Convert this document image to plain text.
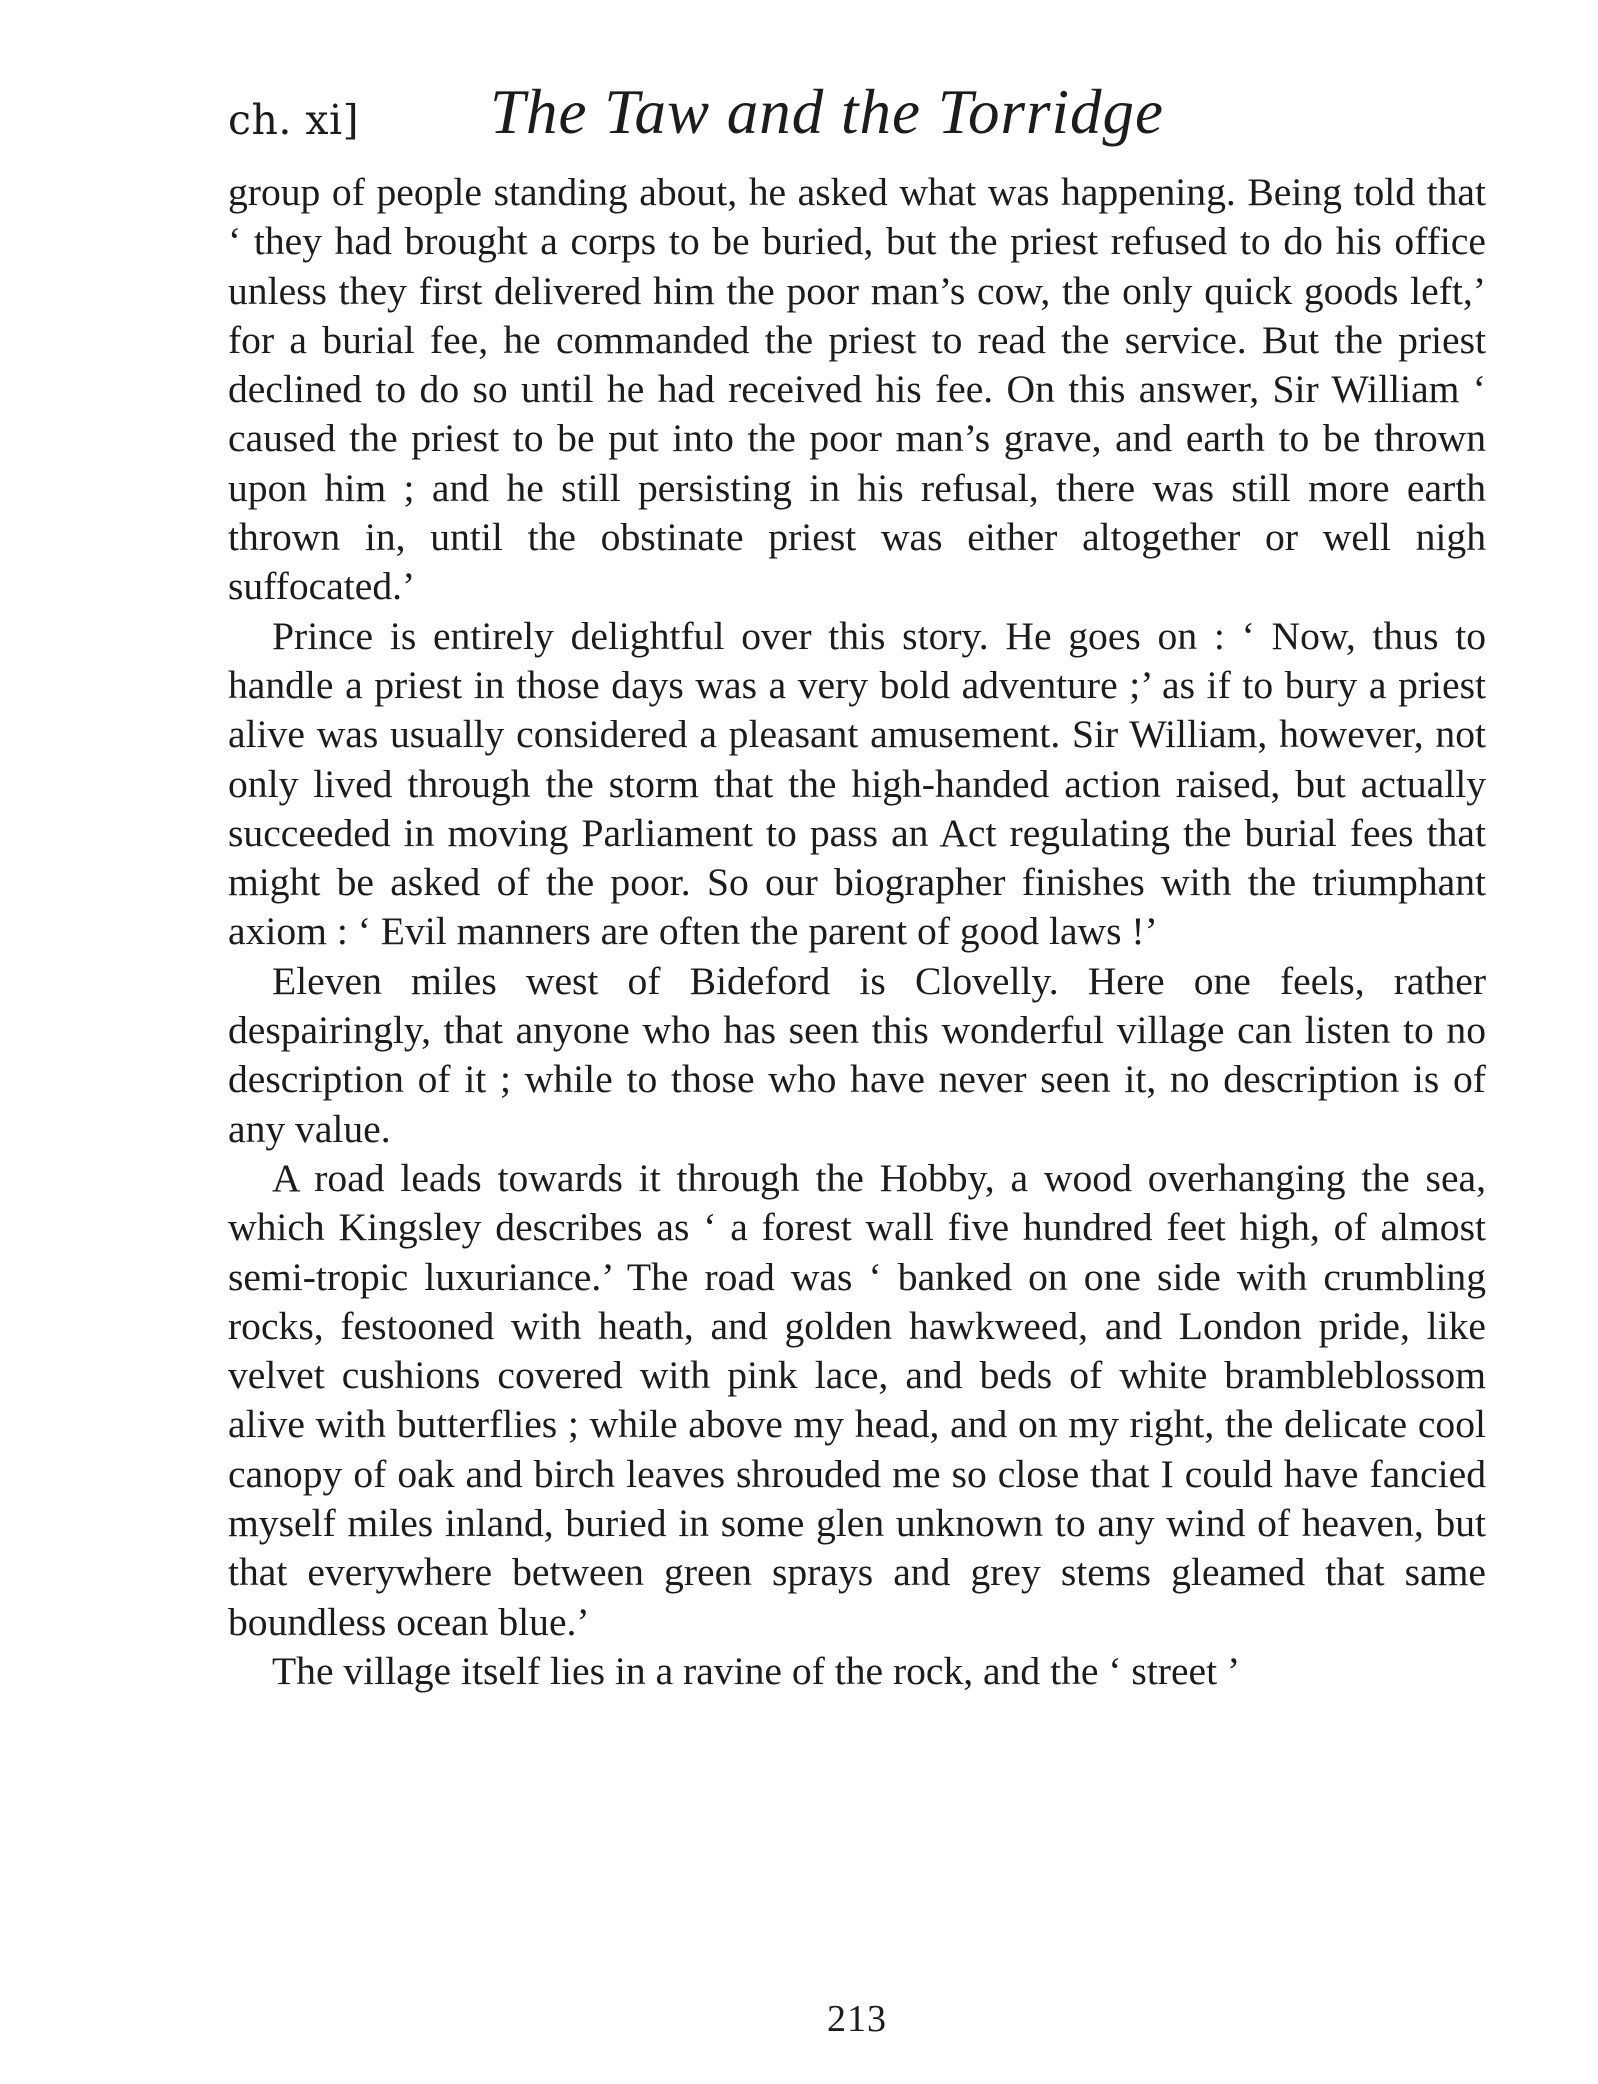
ch. xi] The Taw and the Torridge

group of people standing about, he asked what was happening. Being told that ‘ they had brought a corps to be buried, but the priest refused to do his office unless they first delivered him the poor man’s cow, the only quick goods left,’ for a burial fee, he commanded the priest to read the service. But the priest declined to do so until he had received his fee. On this answer, Sir William ‘ caused the priest to be put into the poor man’s grave, and earth to be thrown upon him ; and he still persisting in his refusal, there was still more earth thrown in, until the obstinate priest was either altogether or well nigh suffocated.’

Prince is entirely delightful over this story. He goes on : ‘ Now, thus to handle a priest in those days was a very bold adventure ;’ as if to bury a priest alive was usually considered a pleasant amusement. Sir William, however, not only lived through the storm that the high-handed action raised, but actually succeeded in moving Parliament to pass an Act regulating the burial fees that might be asked of the poor. So our biographer finishes with the triumphant axiom : ‘ Evil manners are often the parent of good laws !’

Eleven miles west of Bideford is Clovelly. Here one feels, rather despairingly, that anyone who has seen this wonderful village can listen to no description of it ; while to those who have never seen it, no description is of any value.

A road leads towards it through the Hobby, a wood overhanging the sea, which Kingsley describes as ‘ a forest wall five hundred feet high, of almost semi-tropic luxuriance.’ The road was ‘ banked on one side with crumbling rocks, festooned with heath, and golden hawkweed, and London pride, like velvet cushions covered with pink lace, and beds of white brambleblossom alive with butterflies ; while above my head, and on my right, the delicate cool canopy of oak and birch leaves shrouded me so close that I could have fancied myself miles inland, buried in some glen unknown to any wind of heaven, but that everywhere between green sprays and grey stems gleamed that same boundless ocean blue.’

The village itself lies in a ravine of the rock, and the ‘ street ’

213
